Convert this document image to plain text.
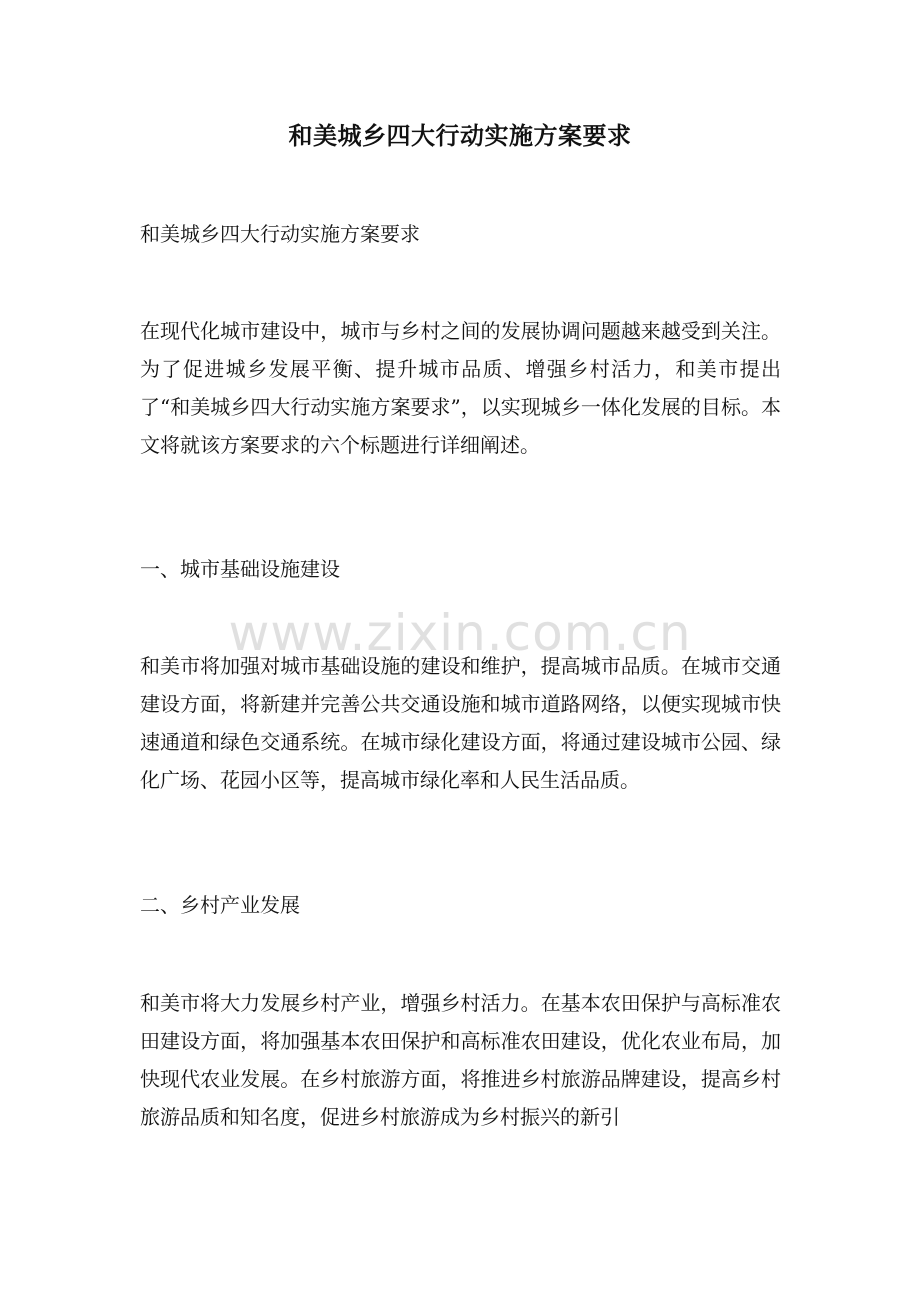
和美城乡四大行动实施方案要求

和美城乡四大行动实施方案要求

在现代化城市建设中，城市与乡村之间的发展协调问题越来越受到关注。为了促进城乡发展平衡、提升城市品质、增强乡村活力，和美市提出了“和美城乡四大行动实施方案要求”，以实现城乡一体化发展的目标。本文将就该方案要求的六个标题进行详细阐述。

一、城市基础设施建设

和美市将加强对城市基础设施的建设和维护，提高城市品质。在城市交通建设方面，将新建并完善公共交通设施和城市道路网络，以便实现城市快速通道和绿色交通系统。在城市绿化建设方面，将通过建设城市公园、绿化广场、花园小区等，提高城市绿化率和人民生活品质。

二、乡村产业发展

和美市将大力发展乡村产业，增强乡村活力。在基本农田保护与高标准农田建设方面，将加强基本农田保护和高标准农田建设，优化农业布局，加快现代农业发展。在乡村旅游方面，将推进乡村旅游品牌建设，提高乡村旅游品质和知名度，促进乡村旅游成为乡村振兴的新引

www.zixin.com.cn
